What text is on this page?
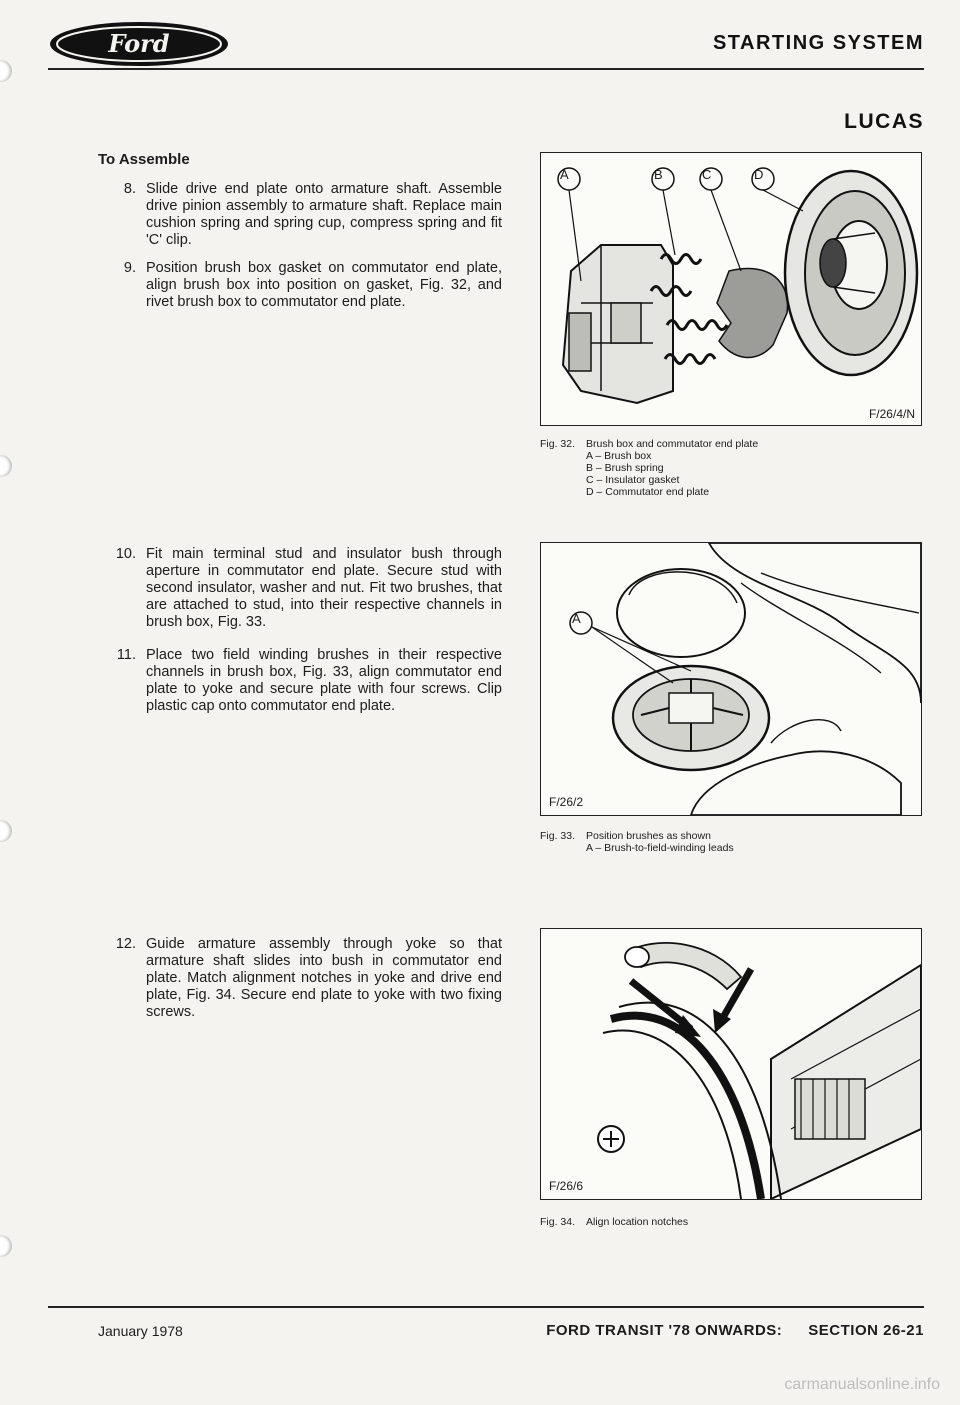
Ford	STARTING SYSTEM
LUCAS
To Assemble
8. Slide drive end plate onto armature shaft. Assemble drive pinion assembly to armature shaft. Replace main cushion spring and spring cup, compress spring and fit 'C' clip.
9. Position brush box gasket on commutator end plate, align brush box into position on gasket, Fig. 32, and rivet brush box to commutator end plate.
10. Fit main terminal stud and insulator bush through aperture in commutator end plate. Secure stud with second insulator, washer and nut. Fit two brushes, that are attached to stud, into their respective channels in brush box, Fig. 33.
11. Place two field winding brushes in their respective channels in brush box, Fig. 33, align commutator end plate to yoke and secure plate with four screws. Clip plastic cap onto commutator end plate.
12. Guide armature assembly through yoke so that armature shaft slides into bush in commutator end plate. Match alignment notches in yoke and drive end plate, Fig. 34. Secure end plate to yoke with two fixing screws.
A	B	C	D
F/26/4/N
Fig. 32. Brush box and commutator end plate
A – Brush box
B – Brush spring
C – Insulator gasket
D – Commutator end plate
A
F/26/2
Fig. 33. Position brushes as shown
A – Brush-to-field-winding leads
F/26/6
Fig. 34. Align location notches
January 1978	FORD TRANSIT '78 ONWARDS: SECTION 26-21
carmanualsonline.info
